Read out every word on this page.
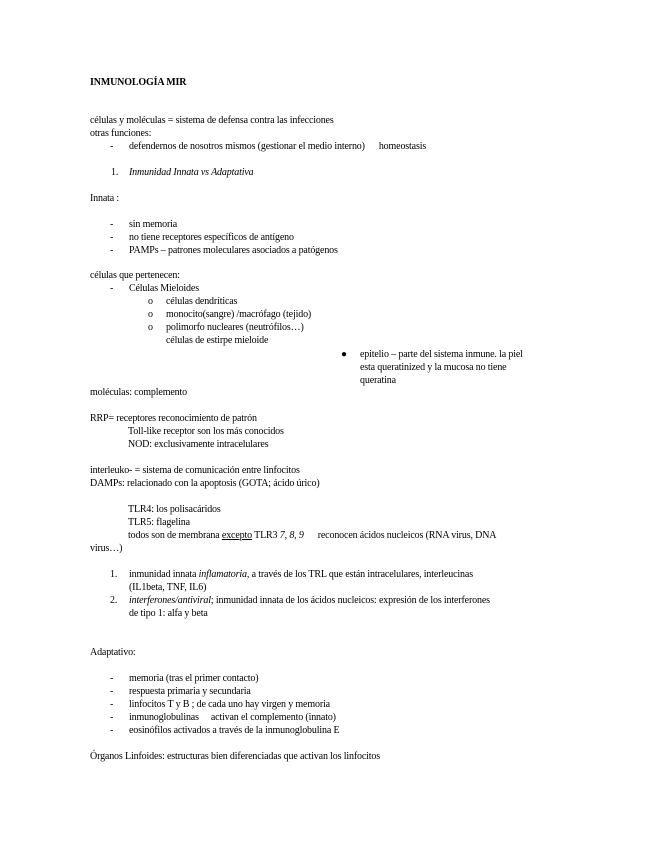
INMUNOLOGÍA MIR
células y moléculas = sistema de defensa contra las infecciones
otras funciones:
- defendernos de nosotros mismos (gestionar el medio interno) homeostasis
1. Inmunidad Innata vs Adaptativa
Innata :
- sin memoria
- no tiene receptores específicos de antígeno
- PAMPs – patrones moleculares asociados a patógenos
células que pertenecen:
- Células Mieloides
o células dendríticas
o monocito(sangre) /macrófago (tejido)
o polimorfo nucleares (neutrófilos…)
células de estirpe mieloide
● epitelio – parte del sistema inmune. la piel
esta queratinized y la mucosa no tiene
queratina
moléculas: complemento
RRP= receptores reconocimiento de patrón
Toll-like receptor son los más conocidos
NOD: exclusivamente intracelulares
interleuko- = sistema de comunicación entre linfocitos
DAMPs: relacionado con la apoptosis (GOTA; ácido úrico)
TLR4: los polisacáridos
TLR5: flagelina
todos son de membrana excepto TLR3 7, 8, 9 reconocen ácidos nucleicos (RNA virus, DNA
virus…)
1. inmunidad innata inflamatoria, a través de los TRL que están intracelulares, interleucinas
(IL1beta, TNF, IL6)
2. interferones/antiviral; inmunidad innata de los ácidos nucleicos: expresión de los interferones
de tipo 1: alfa y beta
Adaptativo:
- memoria (tras el primer contacto)
- respuesta primaria y secundaria
- linfocitos T y B ; de cada uno hay virgen y memoria
- inmunoglobulinas activan el complemento (innato)
- eosinófilos activados a través de la inmunoglobulina E
Órganos Linfoides: estructuras bien diferenciadas que activan los linfocitos
